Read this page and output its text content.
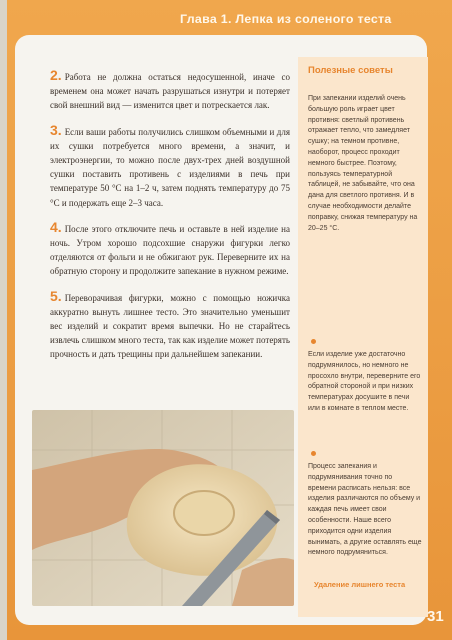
Глава 1. Лепка из соленого теста

2. Работа не должна остаться недосушенной, иначе со временем она может начать разрушаться изнутри и потеряет свой внешний вид — изменится цвет и потрескается лак.

3. Если ваши работы получились слишком объемными и для их сушки потребуется много времени, а значит, и электроэнергии, то можно после двух-трех дней воздушной сушки поставить противень с изделиями в печь при температуре 50 °С на 1–2 ч, затем поднять температуру до 75 °С и подержать еще 2–3 часа.

4. После этого отключите печь и оставьте в ней изделие на ночь. Утром хорошо подсохшие снаружи фигурки легко отделяются от фольги и не обжигают рук. Переверните их на обратную сторону и продолжите запекание в нужном режиме.

5. Переворачивая фигурки, можно с помощью ножичка аккуратно вынуть лишнее тесто. Это значительно уменьшит вес изделий и сократит время выпечки. Но не старайтесь извлечь слишком много теста, так как изделие может потерять прочность и дать трещины при дальнейшем запекании.

Полезные советы
При запекании изделий очень большую роль играет цвет противня: светлый противень отражает тепло, что замедляет сушку; на темном противне, наоборот, процесс проходит немного быстрее. Поэтому, пользуясь температурной таблицей, не забывайте, что она дана для светлого противня. И в случае необходимости делайте поправку, снижая температуру на 20–25 °С.
Если изделие уже достаточно подрумянилось, но немного не просохло внутри, переверните его обратной стороной и при низких температурах досушите в печи или в комнате в теплом месте.
Процесс запекания и подрумянивания точно по времени расписать нельзя: все изделия различаются по объему и каждая печь имеет свои особенности. Наше всего приходится одни изделия вынимать, а другие оставлять еще немного подрумяниться.
Удаление лишнего теста
31
